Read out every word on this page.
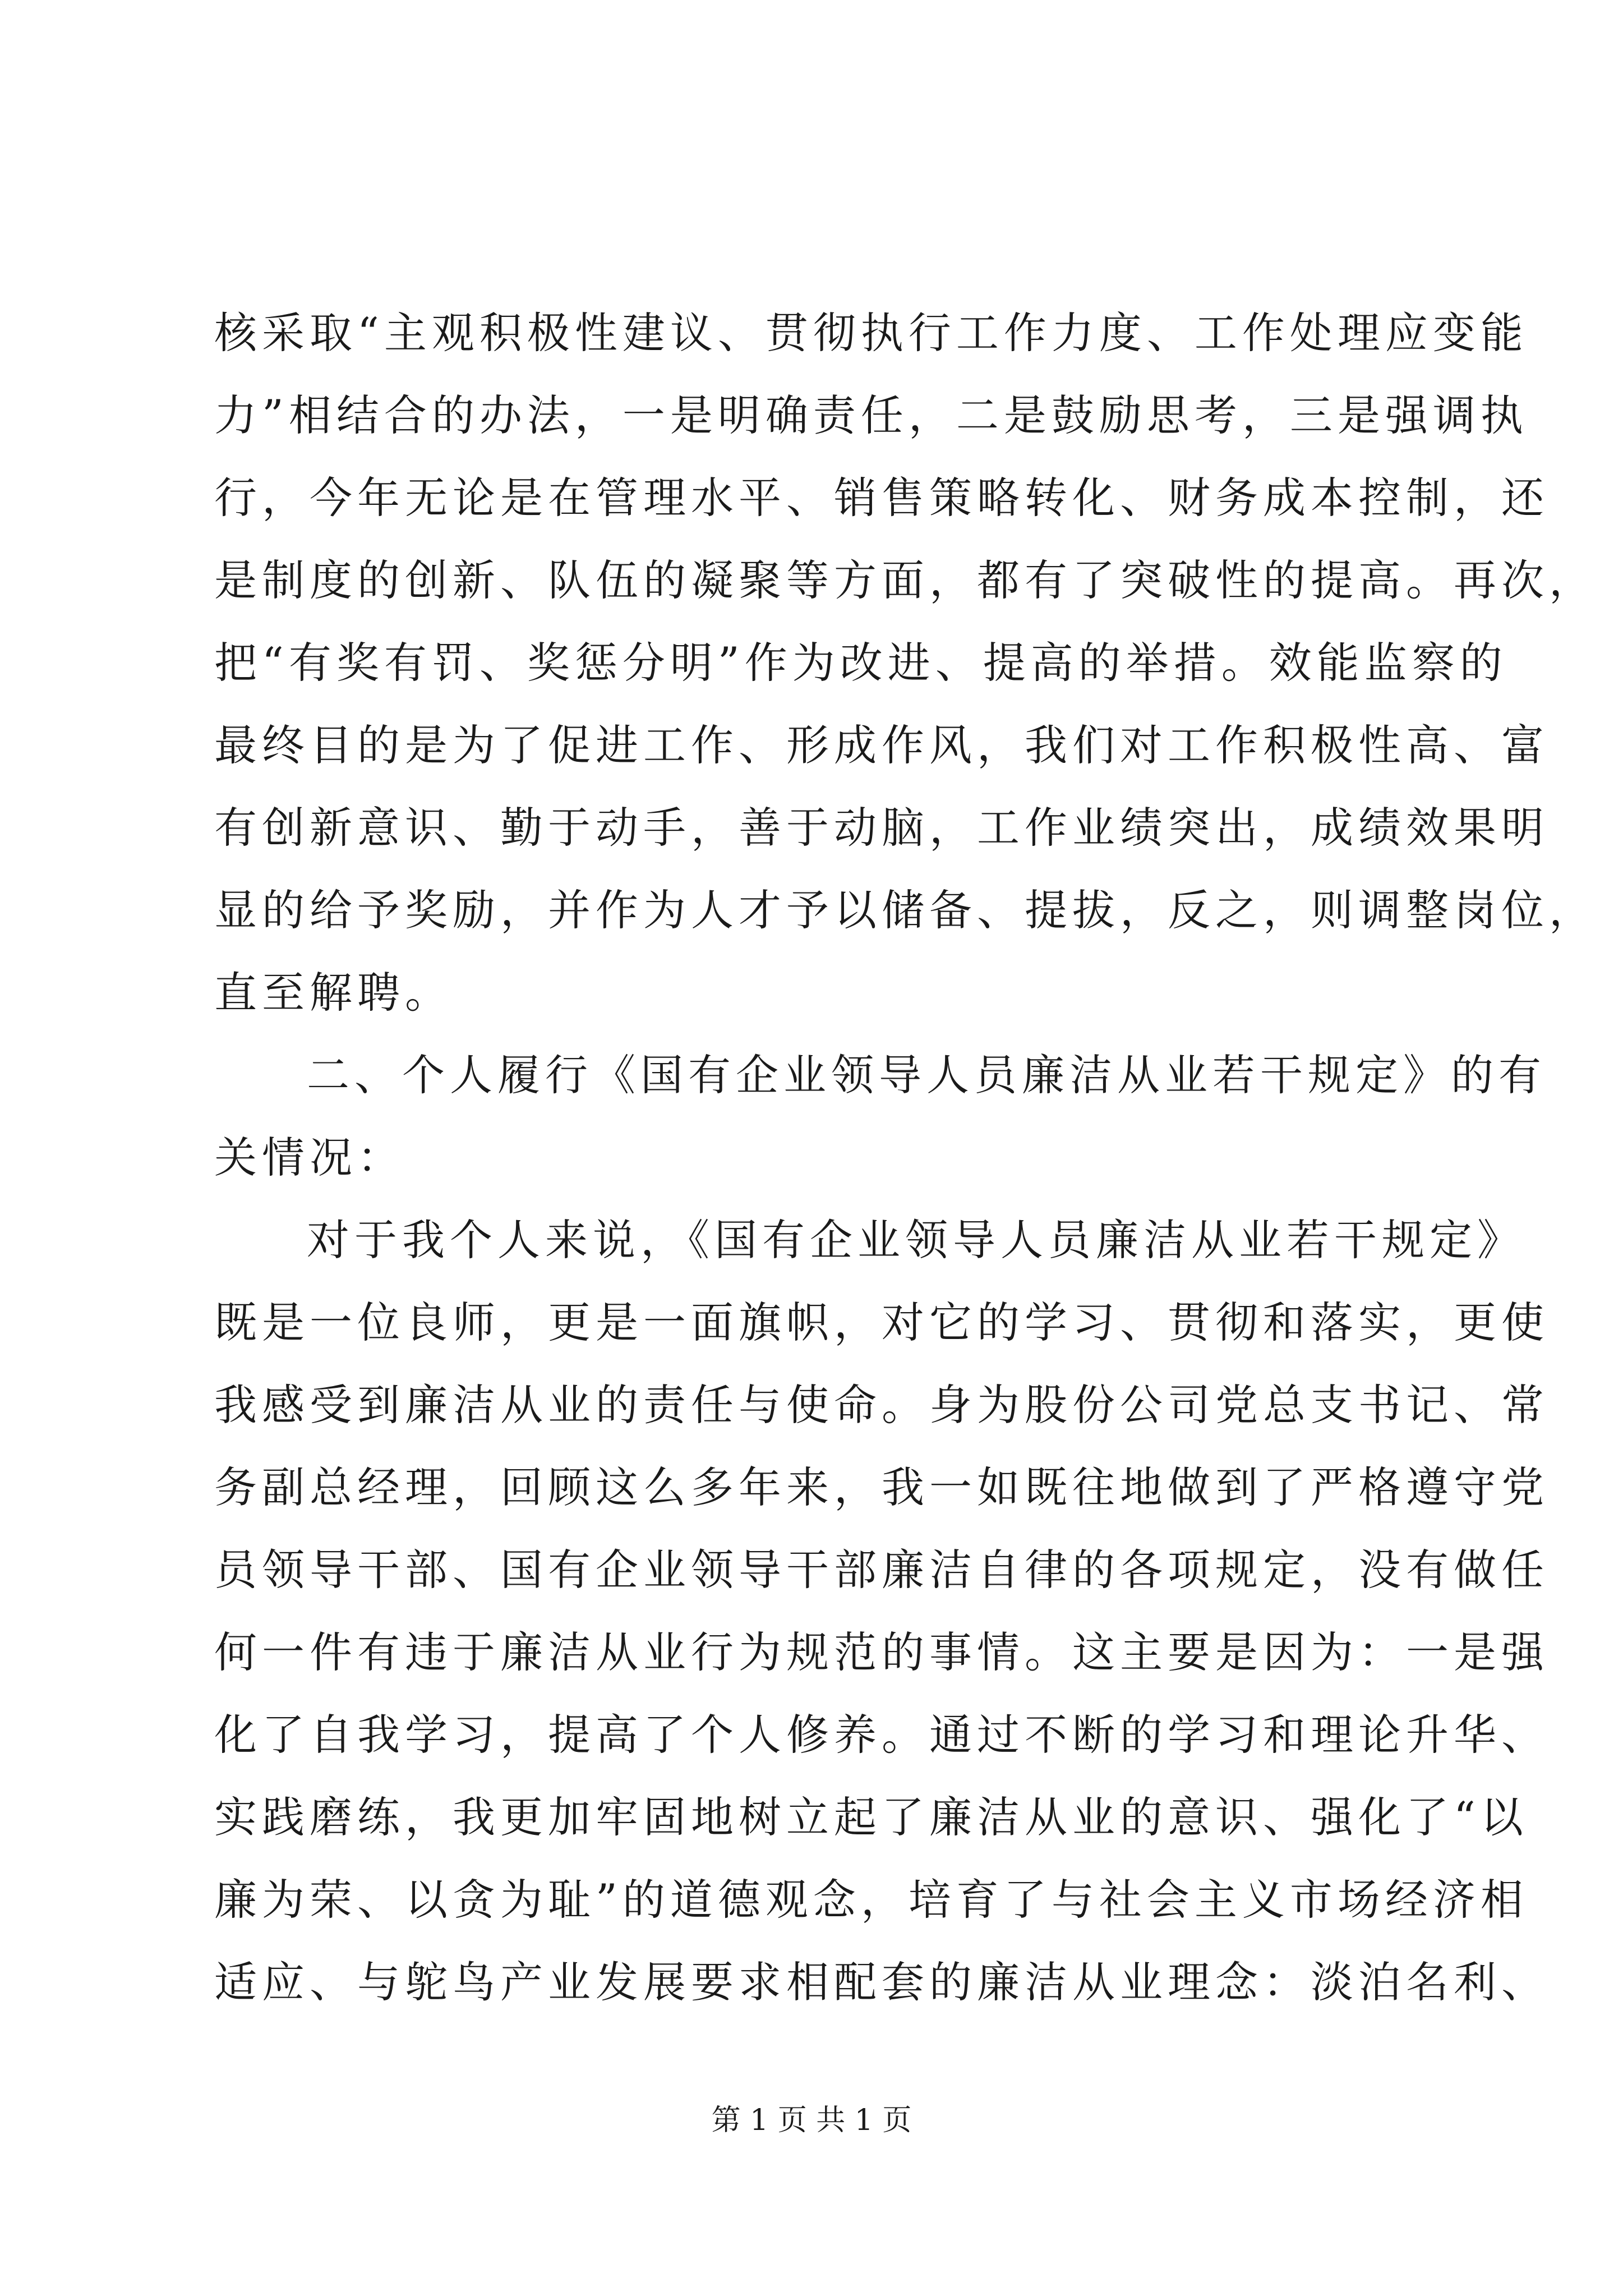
核采取“主观积极性建议、贯彻执行工作力度、工作处理应变能
力”相结合的办法，一是明确责任，二是鼓励思考，三是强调执
行，今年无论是在管理水平、销售策略转化、财务成本控制，还
是制度的创新、队伍的凝聚等方面，都有了突破性的提高。再次，
把“有奖有罚、奖惩分明”作为改进、提高的举措。效能监察的
最终目的是为了促进工作、形成作风，我们对工作积极性高、富
有创新意识、勤于动手，善于动脑，工作业绩突出，成绩效果明
显的给予奖励，并作为人才予以储备、提拔，反之，则调整岗位，
直至解聘。
二、个人履行《国有企业领导人员廉洁从业若干规定》的有
关情况：
对于我个人来说，《国有企业领导人员廉洁从业若干规定》
既是一位良师，更是一面旗帜，对它的学习、贯彻和落实，更使
我感受到廉洁从业的责任与使命。身为股份公司党总支书记、常
务副总经理，回顾这么多年来，我一如既往地做到了严格遵守党
员领导干部、国有企业领导干部廉洁自律的各项规定，没有做任
何一件有违于廉洁从业行为规范的事情。这主要是因为：一是强
化了自我学习，提高了个人修养。通过不断的学习和理论升华、
实践磨练，我更加牢固地树立起了廉洁从业的意识、强化了“以
廉为荣、以贪为耻”的道德观念，培育了与社会主义市场经济相
适应、与鸵鸟产业发展要求相配套的廉洁从业理念：淡泊名利、
第 1 页 共 1 页
